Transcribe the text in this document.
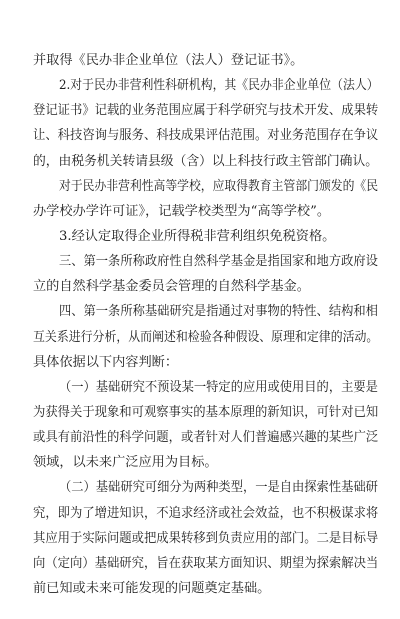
并取得《民办非企业单位（法人）登记证书》。
2.对于民办非营利性科研机构，其《民办非企业单位（法人）
登记证书》记载的业务范围应属于科学研究与技术开发、成果转
让、科技咨询与服务、科技成果评估范围。对业务范围存在争议
的，由税务机关转请县级（含）以上科技行政主管部门确认。
对于民办非营利性高等学校，应取得教育主管部门颁发的《民
办学校办学许可证》，记载学校类型为“高等学校”。
3.经认定取得企业所得税非营利组织免税资格。
三、第一条所称政府性自然科学基金是指国家和地方政府设
立的自然科学基金委员会管理的自然科学基金。
四、第一条所称基础研究是指通过对事物的特性、结构和相
互关系进行分析，从而阐述和检验各种假设、原理和定律的活动。
具体依据以下内容判断：
（一）基础研究不预设某一特定的应用或使用目的，主要是
为获得关于现象和可观察事实的基本原理的新知识，可针对已知
或具有前沿性的科学问题，或者针对人们普遍感兴趣的某些广泛
领域，以未来广泛应用为目标。
（二）基础研究可细分为两种类型，一是自由探索性基础研
究，即为了增进知识，不追求经济或社会效益，也不积极谋求将
其应用于实际问题或把成果转移到负责应用的部门。二是目标导
向（定向）基础研究，旨在获取某方面知识、期望为探索解决当
前已知或未来可能发现的问题奠定基础。
